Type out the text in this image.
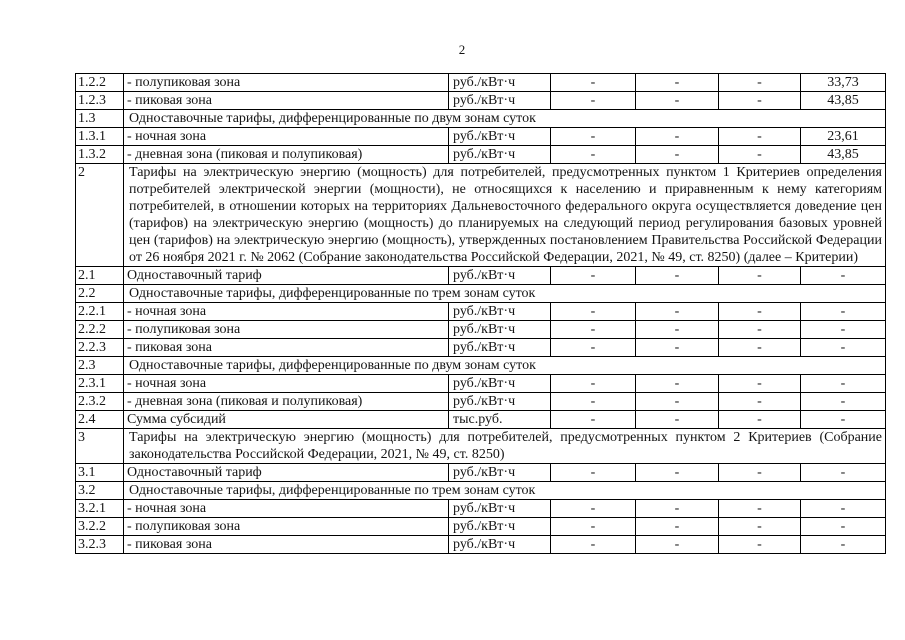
2
1.2.2	- полупиковая зона	руб./кВт·ч	-	-	-	33,73
1.2.3	- пиковая зона	руб./кВт·ч	-	-	-	43,85
1.3	Одноставочные тарифы, дифференцированные по двум зонам суток					
1.3.1	- ночная зона	руб./кВт·ч	-	-	-	23,61
1.3.2	- дневная зона (пиковая и полупиковая)	руб./кВт·ч	-	-	-	43,85
2	Тарифы на электрическую энергию (мощность) для потребителей, предусмотренных пунктом 1 Критериев определения потребителей электрической энергии (мощности), не относящихся к населению и приравненным к нему категориям потребителей, в отношении которых на территориях Дальневосточного федерального округа осуществляется доведение цен (тарифов) на электрическую энергию (мощность) до планируемых на следующий период регулирования базовых уровней цен (тарифов) на электрическую энергию (мощность), утвержденных постановлением Правительства Российской Федерации от 26 ноября 2021 г. № 2062 (Собрание законодательства Российской Федерации, 2021, № 49, ст. 8250) (далее – Критерии)					
2.1	Одноставочный тариф	руб./кВт·ч	-	-	-	-
2.2	Одноставочные тарифы, дифференцированные по трем зонам суток					
2.2.1	- ночная зона	руб./кВт·ч	-	-	-	-
2.2.2	- полупиковая зона	руб./кВт·ч	-	-	-	-
2.2.3	- пиковая зона	руб./кВт·ч	-	-	-	-
2.3	Одноставочные тарифы, дифференцированные по двум зонам суток					
2.3.1	- ночная зона	руб./кВт·ч	-	-	-	-
2.3.2	- дневная зона (пиковая и полупиковая)	руб./кВт·ч	-	-	-	-
2.4	Сумма субсидий	тыс.руб.	-	-	-	-
3	Тарифы на электрическую энергию (мощность) для потребителей, предусмотренных пунктом 2 Критериев (Собрание законодательства Российской Федерации, 2021, № 49, ст. 8250)					
3.1	Одноставочный тариф	руб./кВт·ч	-	-	-	-
3.2	Одноставочные тарифы, дифференцированные по трем зонам суток					
3.2.1	- ночная зона	руб./кВт·ч	-	-	-	-
3.2.2	- полупиковая зона	руб./кВт·ч	-	-	-	-
3.2.3	- пиковая зона	руб./кВт·ч	-	-	-	-
